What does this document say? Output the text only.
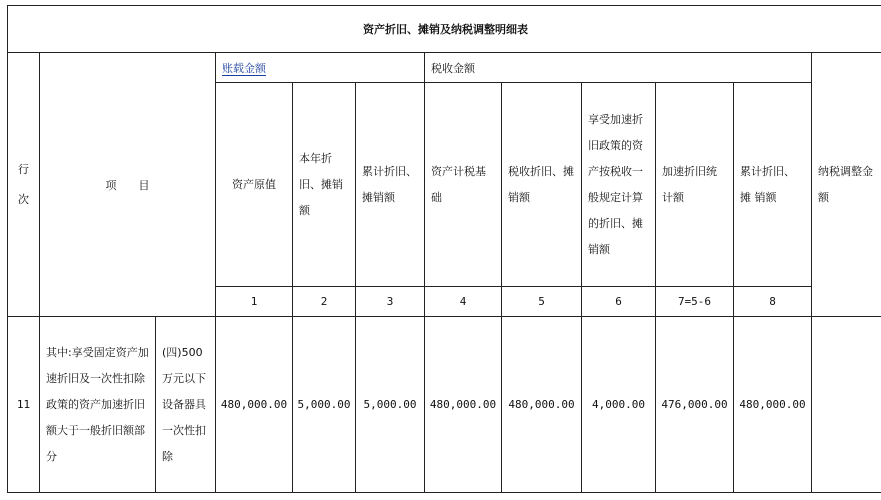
资产折旧、摊销及纳税调整明细表											
行次	项　　目		账载金额			税收金额					纳税调整金额
			资产原值	本年折旧、摊销额	累计折旧、摊销额	资产计税基础	税收折旧、摊销额	享受加速折旧政策的资产按税收一般规定计算的折旧、摊销额	加速折旧统计额	累计折旧、摊 销额	
			1	2	3	4	5	6	7=5-6	8	
11	其中:享受固定资产加速折旧及一次性扣除政策的资产加速折旧额大于一般折旧额部分	(四)500万元以下设备器具一次性扣除	480,000.00	5,000.00	5,000.00	480,000.00	480,000.00	4,000.00	476,000.00	480,000.00	
